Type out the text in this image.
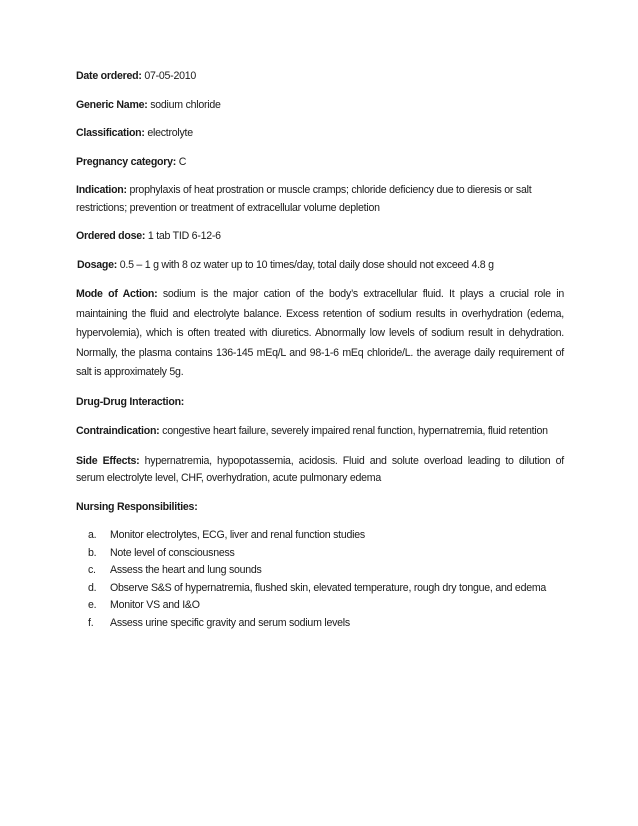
Date ordered: 07-05-2010

Generic Name: sodium chloride

Classification: electrolyte

Pregnancy category: C

Indication: prophylaxis of heat prostration or muscle cramps; chloride deficiency due to dieresis or salt restrictions; prevention or treatment of extracellular volume depletion

Ordered dose: 1 tab TID 6-12-6

Dosage: 0.5 – 1 g with 8 oz water up to 10 times/day, total daily dose should not exceed 4.8 g

Mode of Action: sodium is the major cation of the body’s extracellular fluid. It plays a crucial role in maintaining the fluid and electrolyte balance. Excess retention of sodium results in overhydration (edema, hypervolemia), which is often treated with diuretics. Abnormally low levels of sodium result in dehydration. Normally, the plasma contains 136-145 mEq/L and 98-1-6 mEq chloride/L. the average daily requirement of salt is approximately 5g.

Drug-Drug Interaction:

Contraindication: congestive heart failure, severely impaired renal function, hypernatremia, fluid retention

Side Effects: hypernatremia, hypopotassemia, acidosis. Fluid and solute overload leading to dilution of serum electrolyte level, CHF, overhydration, acute pulmonary edema

Nursing Responsibilities:

a. Monitor electrolytes, ECG, liver and renal function studies
b. Note level of consciousness
c. Assess the heart and lung sounds
d. Observe S&S of hypernatremia, flushed skin, elevated temperature, rough dry tongue, and edema
e. Monitor VS and I&O
f. Assess urine specific gravity and serum sodium levels
